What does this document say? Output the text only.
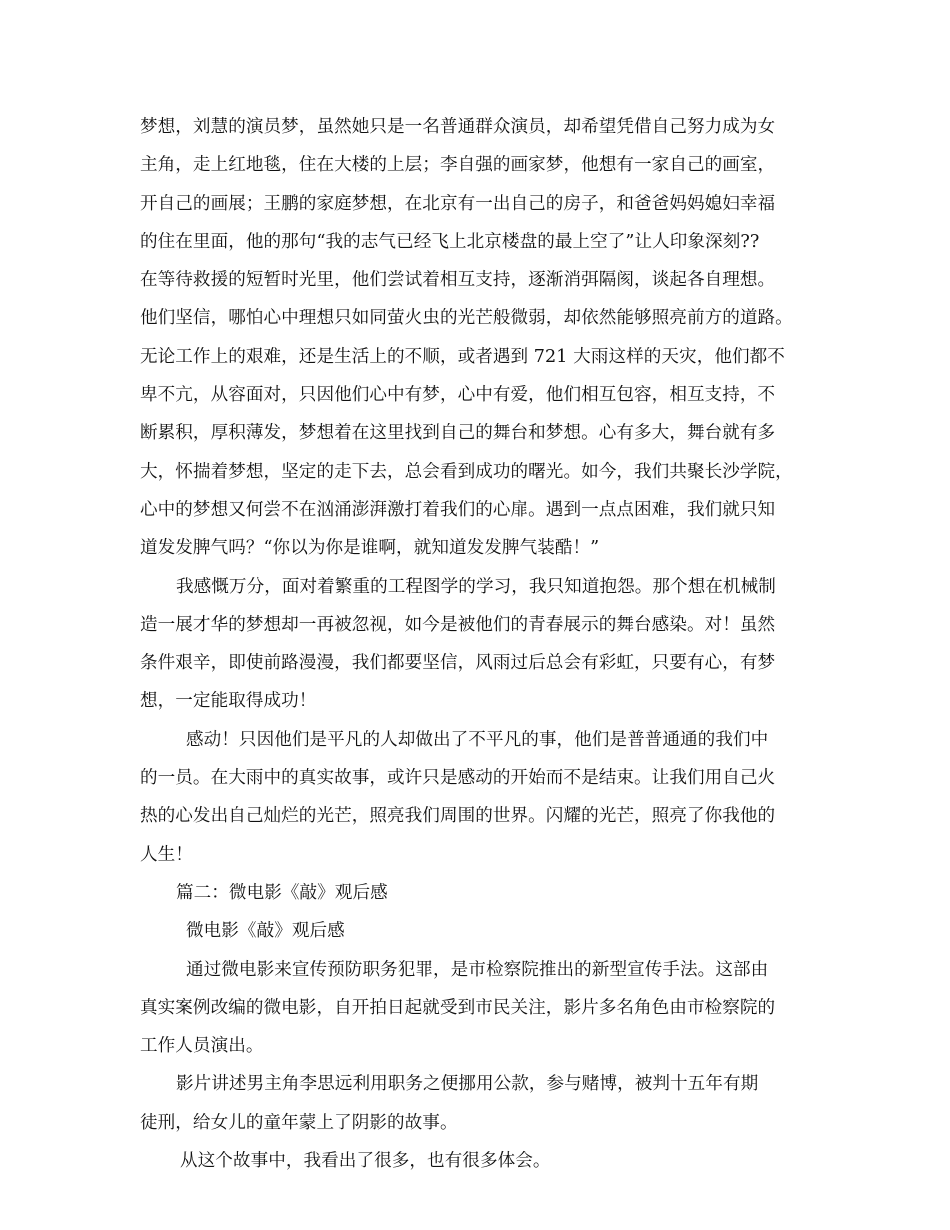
梦想，刘慧的演员梦，虽然她只是一名普通群众演员，却希望凭借自己努力成为女
主角，走上红地毯，住在大楼的上层；李自强的画家梦，他想有一家自己的画室，
开自己的画展；王鹏的家庭梦想，在北京有一出自己的房子，和爸爸妈妈媳妇幸福
的住在里面，他的那句“我的志气已经飞上北京楼盘的最上空了”让人印象深刻??
在等待救援的短暂时光里，他们尝试着相互支持，逐渐消弭隔阂，谈起各自理想。
他们坚信，哪怕心中理想只如同萤火虫的光芒般微弱，却依然能够照亮前方的道路。
无论工作上的艰难，还是生活上的不顺，或者遇到 721 大雨这样的天灾，他们都不
卑不亢，从容面对，只因他们心中有梦，心中有爱，他们相互包容，相互支持，不
断累积，厚积薄发，梦想着在这里找到自己的舞台和梦想。心有多大，舞台就有多
大，怀揣着梦想，坚定的走下去，总会看到成功的曙光。如今，我们共聚长沙学院，
心中的梦想又何尝不在汹涌澎湃激打着我们的心扉。遇到一点点困难，我们就只知
道发发脾气吗？“你以为你是谁啊，就知道发发脾气装酷！”
我感慨万分，面对着繁重的工程图学的学习，我只知道抱怨。那个想在机械制
造一展才华的梦想却一再被忽视，如今是被他们的青春展示的舞台感染。对！虽然
条件艰辛，即使前路漫漫，我们都要坚信，风雨过后总会有彩虹，只要有心，有梦
想，一定能取得成功！
感动！只因他们是平凡的人却做出了不平凡的事，他们是普普通通的我们中
的一员。在大雨中的真实故事，或许只是感动的开始而不是结束。让我们用自己火
热的心发出自己灿烂的光芒，照亮我们周围的世界。闪耀的光芒，照亮了你我他的
人生！
篇二：微电影《敲》观后感
微电影《敲》观后感
通过微电影来宣传预防职务犯罪，是市检察院推出的新型宣传手法。这部由
真实案例改编的微电影，自开拍日起就受到市民关注，影片多名角色由市检察院的
工作人员演出。
影片讲述男主角李思远利用职务之便挪用公款，参与赌博，被判十五年有期
徒刑，给女儿的童年蒙上了阴影的故事。
从这个故事中，我看出了很多，也有很多体会。
